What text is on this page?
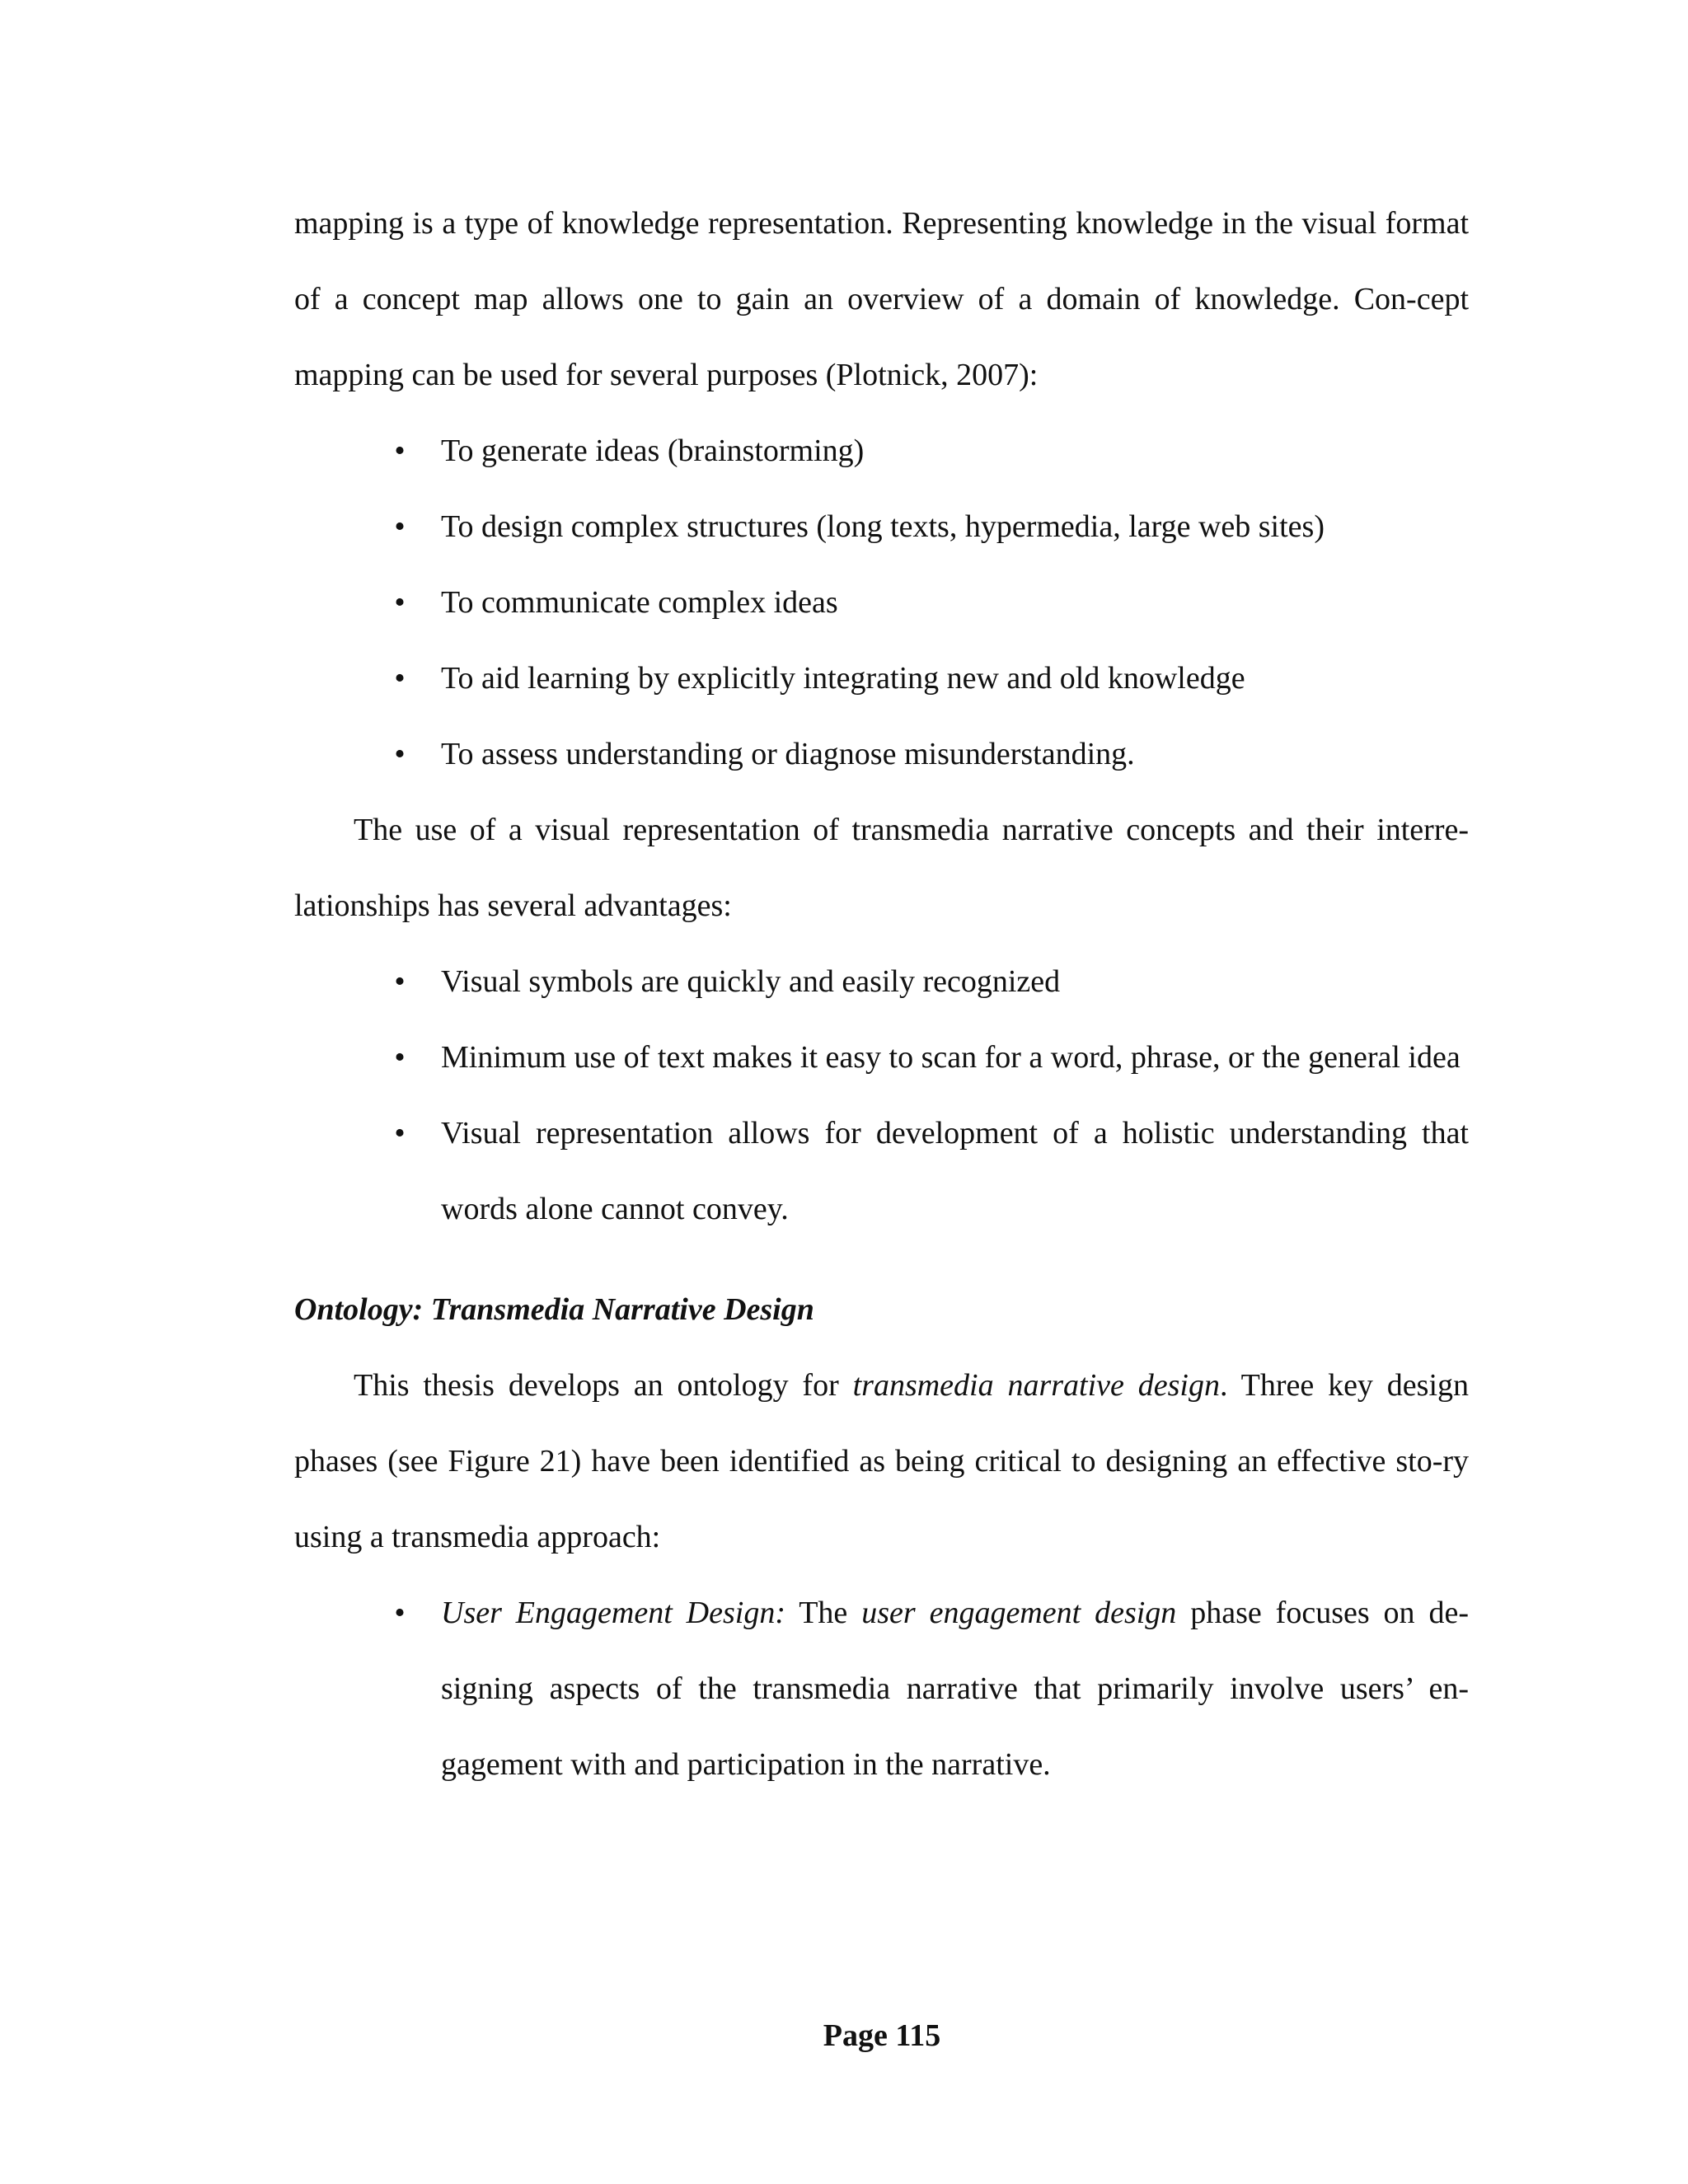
mapping is a type of knowledge representation. Representing knowledge in the visual format of a concept map allows one to gain an overview of a domain of knowledge. Con-cept mapping can be used for several purposes (Plotnick, 2007):

• To generate ideas (brainstorming)
• To design complex structures (long texts, hypermedia, large web sites)
• To communicate complex ideas
• To aid learning by explicitly integrating new and old knowledge
• To assess understanding or diagnose misunderstanding.

The use of a visual representation of transmedia narrative concepts and their interre-lationships has several advantages:

• Visual symbols are quickly and easily recognized
• Minimum use of text makes it easy to scan for a word, phrase, or the general idea
• Visual representation allows for development of a holistic understanding that words alone cannot convey.

Ontology: Transmedia Narrative Design

This thesis develops an ontology for transmedia narrative design. Three key design phases (see Figure 21) have been identified as being critical to designing an effective sto-ry using a transmedia approach:

• User Engagement Design: The user engagement design phase focuses on de-signing aspects of the transmedia narrative that primarily involve users’ en-gagement with and participation in the narrative.
Page 115
